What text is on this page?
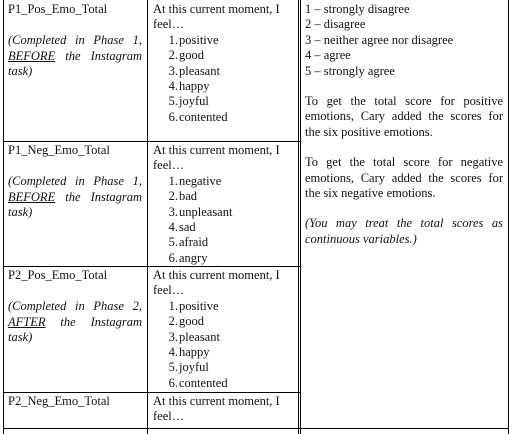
P1_Pos_Emo_Total
(Completed in Phase 1, BEFORE the Instagram task)
At this current moment, I feel…
1. positive
2. good
3. pleasant
4. happy
5. joyful
6. contented
P1_Neg_Emo_Total
(Completed in Phase 1, BEFORE the Instagram task)
At this current moment, I feel…
1. negative
2. bad
3. unpleasant
4. sad
5. afraid
6. angry
P2_Pos_Emo_Total
(Completed in Phase 2, AFTER the Instagram task)
At this current moment, I feel…
1. positive
2. good
3. pleasant
4. happy
5. joyful
6. contented
P2_Neg_Emo_Total	At this current moment, I feel…
1 – strongly disagree
2 – disagree
3 – neither agree nor disagree
4 – agree
5 – strongly agree
To get the total score for positive emotions, Cary added the scores for the six positive emotions.
To get the total score for negative emotions, Cary added the scores for the six negative emotions.
(You may treat the total scores as continuous variables.)
